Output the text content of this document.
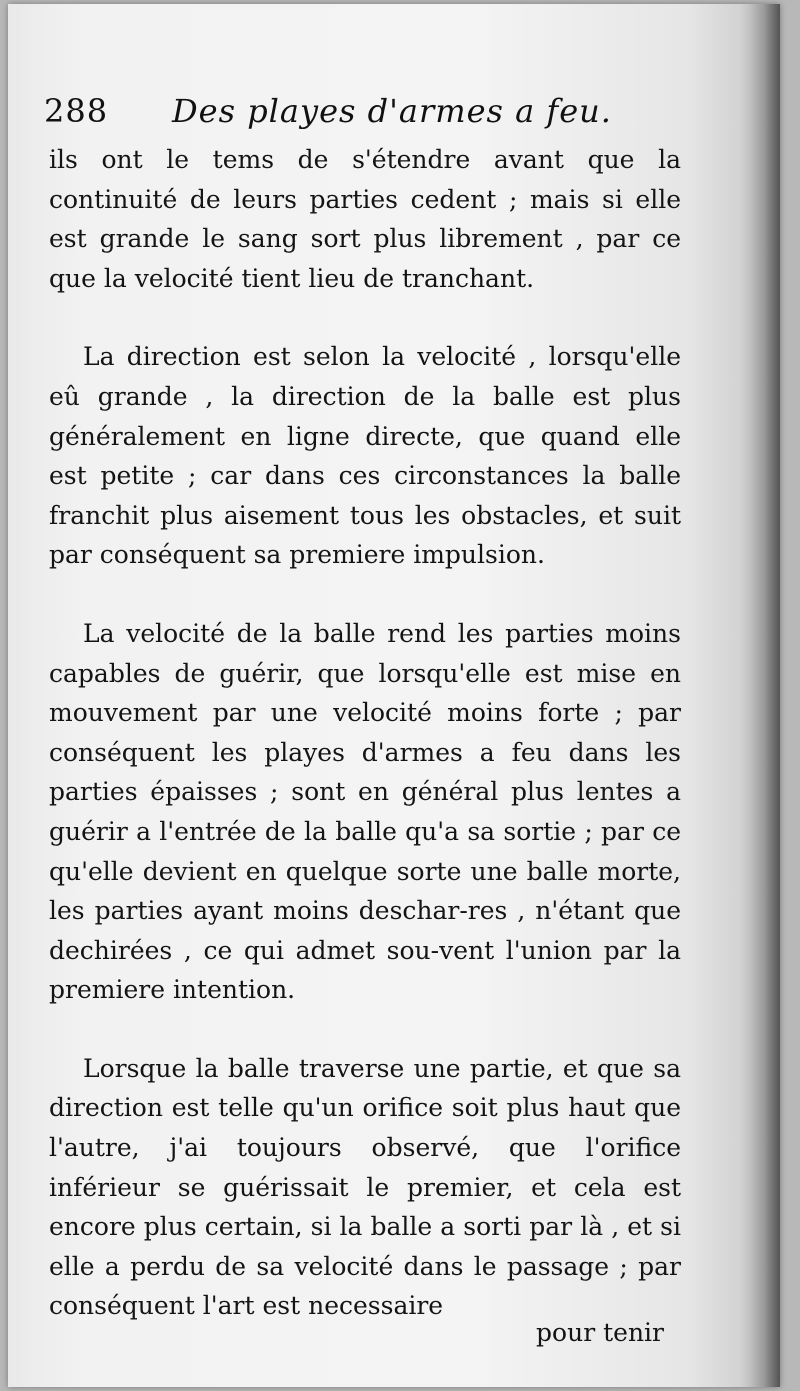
288 Des playes d'armes a feu.

ils ont le tems de s'étendre avant que la continuité de leurs parties cedent ; mais si elle est grande le sang sort plus librement , par ce que la velocité tient lieu de tranchant.

La direction est selon la velocité , lorsqu'elle eû grande , la direction de la balle est plus généralement en ligne directe, que quand elle est petite ; car dans ces circonstances la balle franchit plus aisement tous les obstacles, et suit par conséquent sa premiere impulsion.

La velocité de la balle rend les parties moins capables de guérir, que lorsqu'elle est mise en mouvement par une velocité moins forte ; par conséquent les playes d'armes a feu dans les parties épaisses ; sont en général plus lentes a guérir a l'entrée de la balle qu'a sa sortie ; par ce qu'elle devient en quelque sorte une balle morte, les parties ayant moins deschar-res , n'étant que dechirées , ce qui admet sou-vent l'union par la premiere intention.

Lorsque la balle traverse une partie, et que sa direction est telle qu'un orifice soit plus haut que l'autre, j'ai toujours observé, que l'orifice inférieur se guérissait le premier, et cela est encore plus certain, si la balle a sorti par là , et si elle a perdu de sa velocité dans le passage ; par conséquent l'art est necessaire

pour tenir
